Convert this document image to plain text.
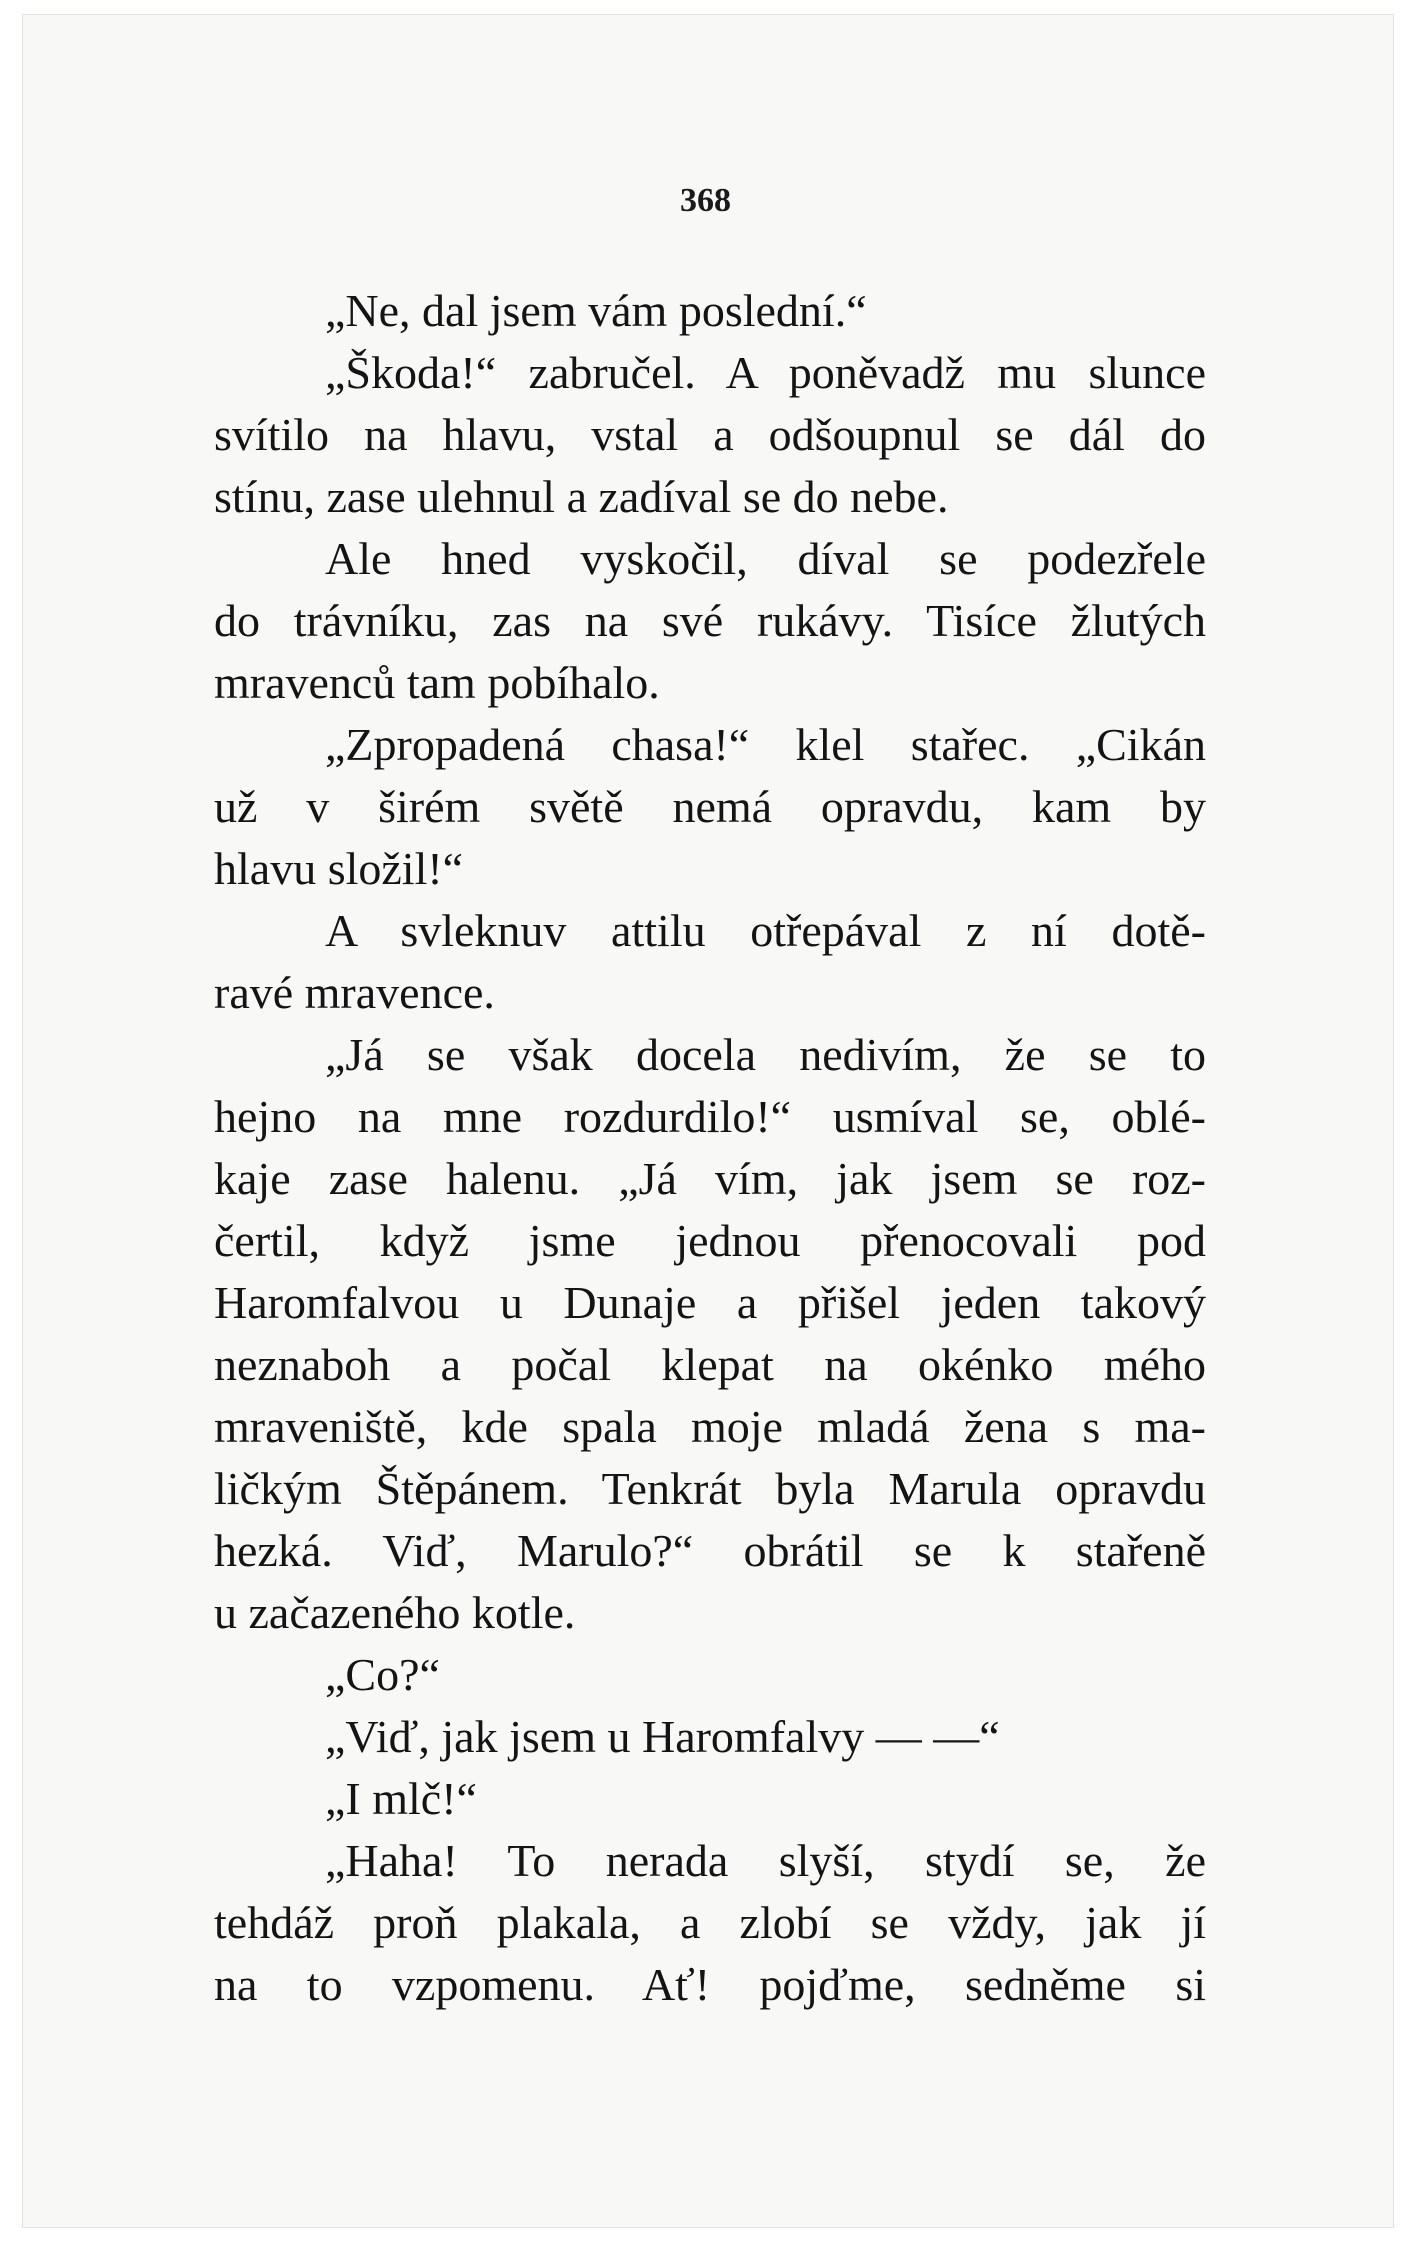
368
„Ne, dal jsem vám poslední.“
„Škoda!“ zabručel. A poněvadž mu slunce
svítilo na hlavu, vstal a odšoupnul se dál do
stínu, zase ulehnul a zadíval se do nebe.
Ale hned vyskočil, díval se podezřele
do trávníku, zas na své rukávy. Tisíce žlutých
mravenců tam pobíhalo.
„Zpropadená chasa!“ klel stařec. „Cikán
už v širém světě nemá opravdu, kam by
hlavu složil!“
A svleknuv attilu otřepával z ní dotě-
ravé mravence.
„Já se však docela nedivím, že se to
hejno na mne rozdurdilo!“ usmíval se, oblé-
kaje zase halenu. „Já vím, jak jsem se roz-
čertil, když jsme jednou přenocovali pod
Haromfalvou u Dunaje a přišel jeden takový
neznaboh a počal klepat na okénko mého
mraveniště, kde spala moje mladá žena s ma-
ličkým Štěpánem. Tenkrát byla Marula opravdu
hezká. Viď, Marulo?“ obrátil se k stařeně
u začazeného kotle.
„Co?“
„Viď, jak jsem u Haromfalvy — —“
„I mlč!“
„Haha! To nerada slyší, stydí se, že
tehdáž proň plakala, a zlobí se vždy, jak jí
na to vzpomenu. Ať! pojďme, sedněme si
